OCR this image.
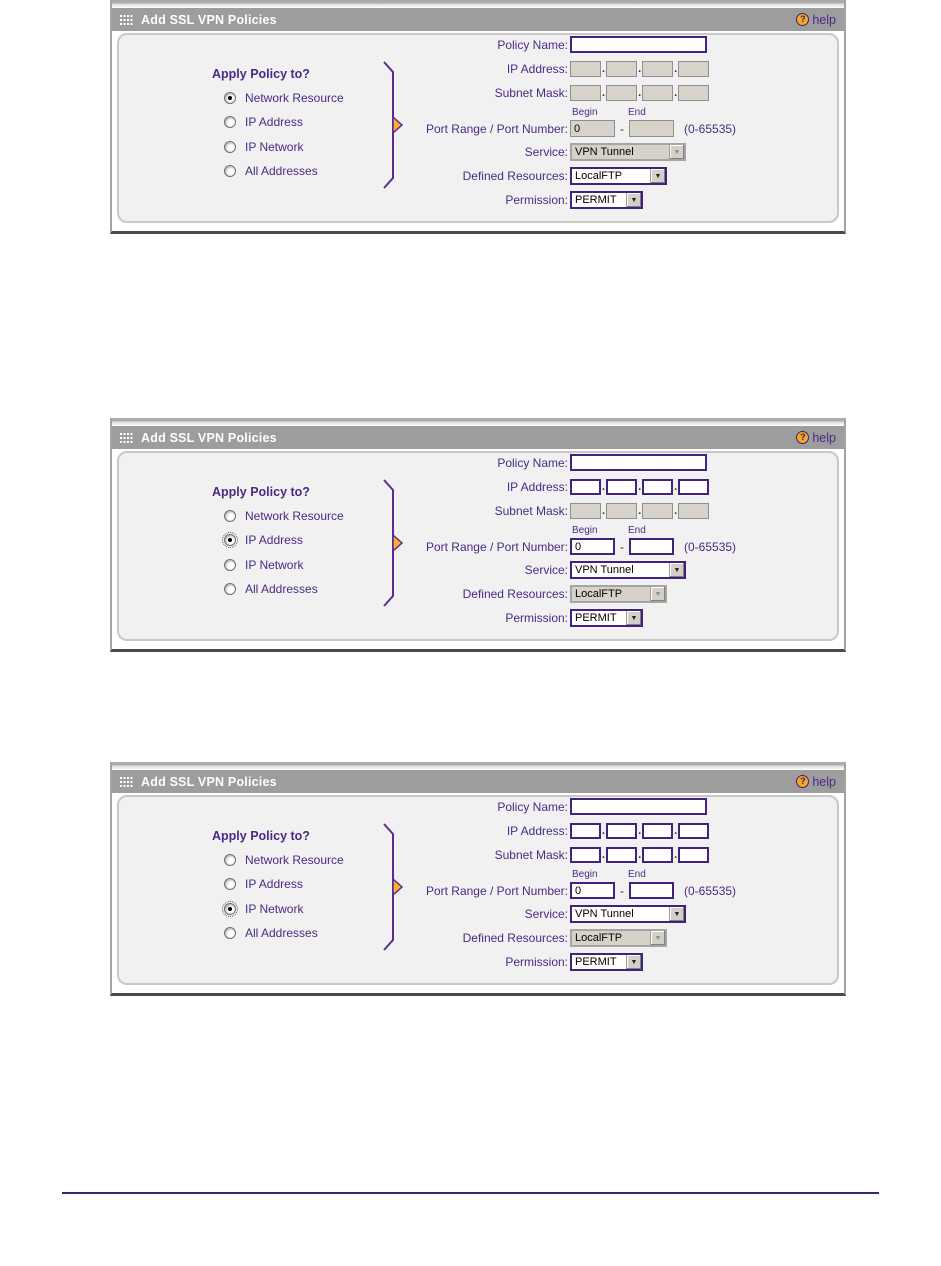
Add SSL VPN Policies	? help
Apply Policy to?
Network Resource
IP Address
IP Network
All Addresses
Policy Name:
IP Address:	.	.	.
Subnet Mask:	.	.	.
Begin	End
Port Range / Port Number: 0	-	(0-65535)
Service: VPN Tunnel	▼
Defined Resources: LocalFTP	▼
Permission: PERMIT	▼
Add SSL VPN Policies	? help
Apply Policy to?
Network Resource
IP Address
IP Network
All Addresses
Policy Name:
IP Address:	.	.	.
Subnet Mask:	.	.	.
Begin	End
Port Range / Port Number: 0	-	(0-65535)
Service: VPN Tunnel	▼
Defined Resources: LocalFTP	▼
Permission: PERMIT	▼
Add SSL VPN Policies	? help
Apply Policy to?
Network Resource
IP Address
IP Network
All Addresses
Policy Name:
IP Address:	.	.	.
Subnet Mask:	.	.	.
Begin	End
Port Range / Port Number: 0	-	(0-65535)
Service: VPN Tunnel	▼
Defined Resources: LocalFTP	▼
Permission: PERMIT	▼
